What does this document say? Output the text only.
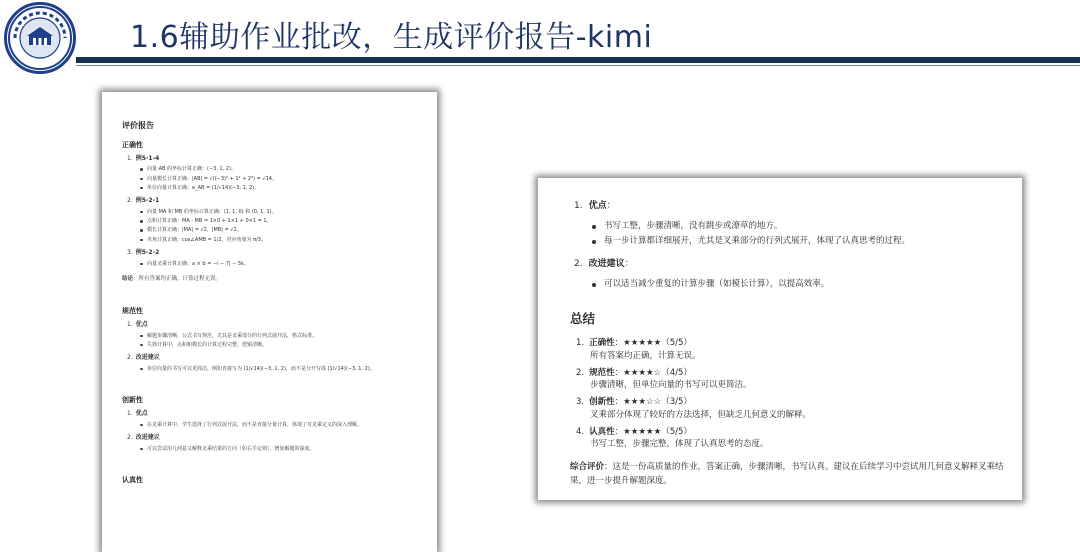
1.6辅助作业批改，生成评价报告-kimi
评价报告
正确性
1. 例5-1-4
向量 AB 的坐标计算正确：(−3, 1, 2)。
向量模长计算正确：|AB| = √((−3)² + 1² + 2²) = √14。
单位向量计算正确：e_AB = (1/√14)(−3, 1, 2)。
2. 例5-2-1
向量 MA 和 MB 的坐标计算正确：(1, 1, 0) 和 (0, 1, 1)。
点积计算正确：MA · MB = 1×0 + 1×1 + 0×1 = 1。
模长计算正确：|MA| = √2，|MB| = √2。
夹角计算正确：cos∠AMB = 1/2，对应角度为 π/3。
3. 例5-2-2
向量叉乘计算正确：a × b = −i − 7j − 5k。
结论：所有答案均正确，计算过程无误。
规范性
1. 优点
解题步骤清晰，公式书写规范，尤其是叉乘部分的行列式展开法，格式标准。
失熟计算中，点积和模长的计算过程完整，逻辑清晰。
2. 改进建议
单位向量的书写可以更简洁，例如直接写为 (1/√14)(−3, 1, 2)，而不是分开写成 (1/√14)(−3, 1, 2)。
创新性
1. 优点
在叉乘计算中，学生选择了行列式展开法，而不是直接分量计算，体现了对叉乘定义的深入理解。
2. 改进建议
可以尝试用几何意义解释叉乘结果的方向（如右手定则），增加解题的深度。
认真性
1. 优点：
书写工整，步骤清晰，没有跳步或潦草的地方。
每一步计算都详细展开，尤其是叉乘部分的行列式展开，体现了认真思考的过程。
2. 改进建议：
可以适当减少重复的计算步骤（如模长计算），以提高效率。
总结
1. 正确性：★★★★★（5/5）
所有答案均正确，计算无误。
2. 规范性：★★★★☆（4/5）
步骤清晰，但单位向量的书写可以更简洁。
3. 创新性：★★★☆☆（3/5）
叉乘部分体现了较好的方法选择，但缺乏几何意义的解释。
4. 认真性：★★★★★（5/5）
书写工整，步骤完整，体现了认真思考的态度。
综合评价：这是一份高质量的作业，答案正确，步骤清晰，书写认真。建议在后续学习中尝试用几何意义解释叉乘结果，进一步提升解题深度。
